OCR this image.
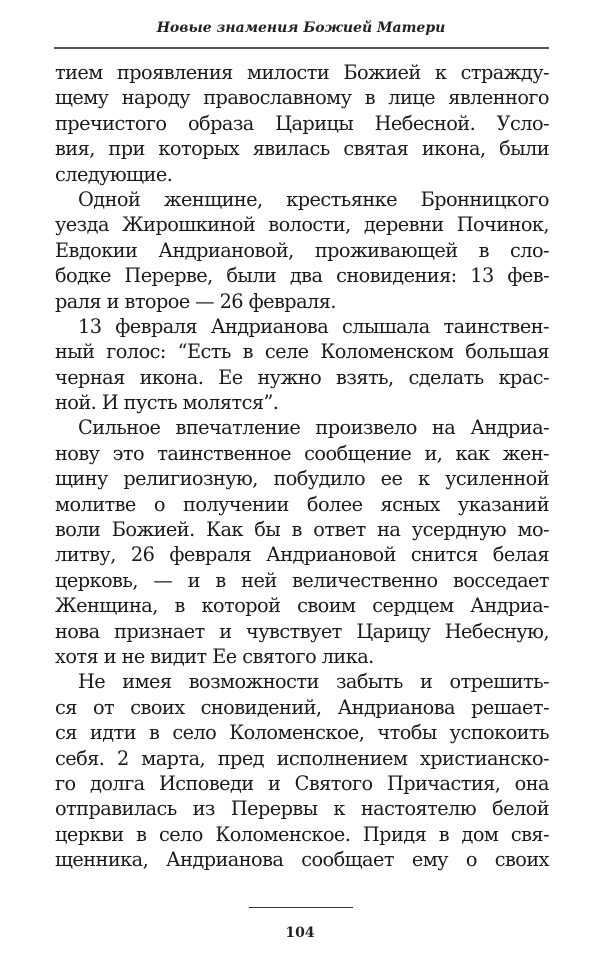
Новые знамения Божией Матери
тием проявления милости Божией к стражду-
щему народу православному в лице явленного
пречистого образа Царицы Небесной. Усло-
вия, при которых явилась святая икона, были
следующие.
Одной женщине, крестьянке Бронницкого
уезда Жирошкиной волости, деревни Починок,
Евдокии Андриановой, проживающей в сло-
бодке Перерве, были два сновидения: 13 фев-
раля и второе — 26 февраля.
13 февраля Андрианова слышала таинствен-
ный голос: “Есть в селе Коломенском большая
черная икона. Ее нужно взять, сделать крас-
ной. И пусть молятся”.
Сильное впечатление произвело на Андриа-
нову это таинственное сообщение и, как жен-
щину религиозную, побудило ее к усиленной
молитве о получении более ясных указаний
воли Божией. Как бы в ответ на усердную мо-
литву, 26 февраля Андриановой снится белая
церковь, — и в ней величественно восседает
Женщина, в которой своим сердцем Андриа-
нова признает и чувствует Царицу Небесную,
хотя и не видит Ее святого лика.
Не имея возможности забыть и отрешить-
ся от своих сновидений, Андрианова решает-
ся идти в село Коломенское, чтобы успокоить
себя. 2 марта, пред исполнением христианско-
го долга Исповеди и Святого Причастия, она
отправилась из Перервы к настоятелю белой
церкви в село Коломенское. Придя в дом свя-
щенника, Андрианова сообщает ему о своих
104
